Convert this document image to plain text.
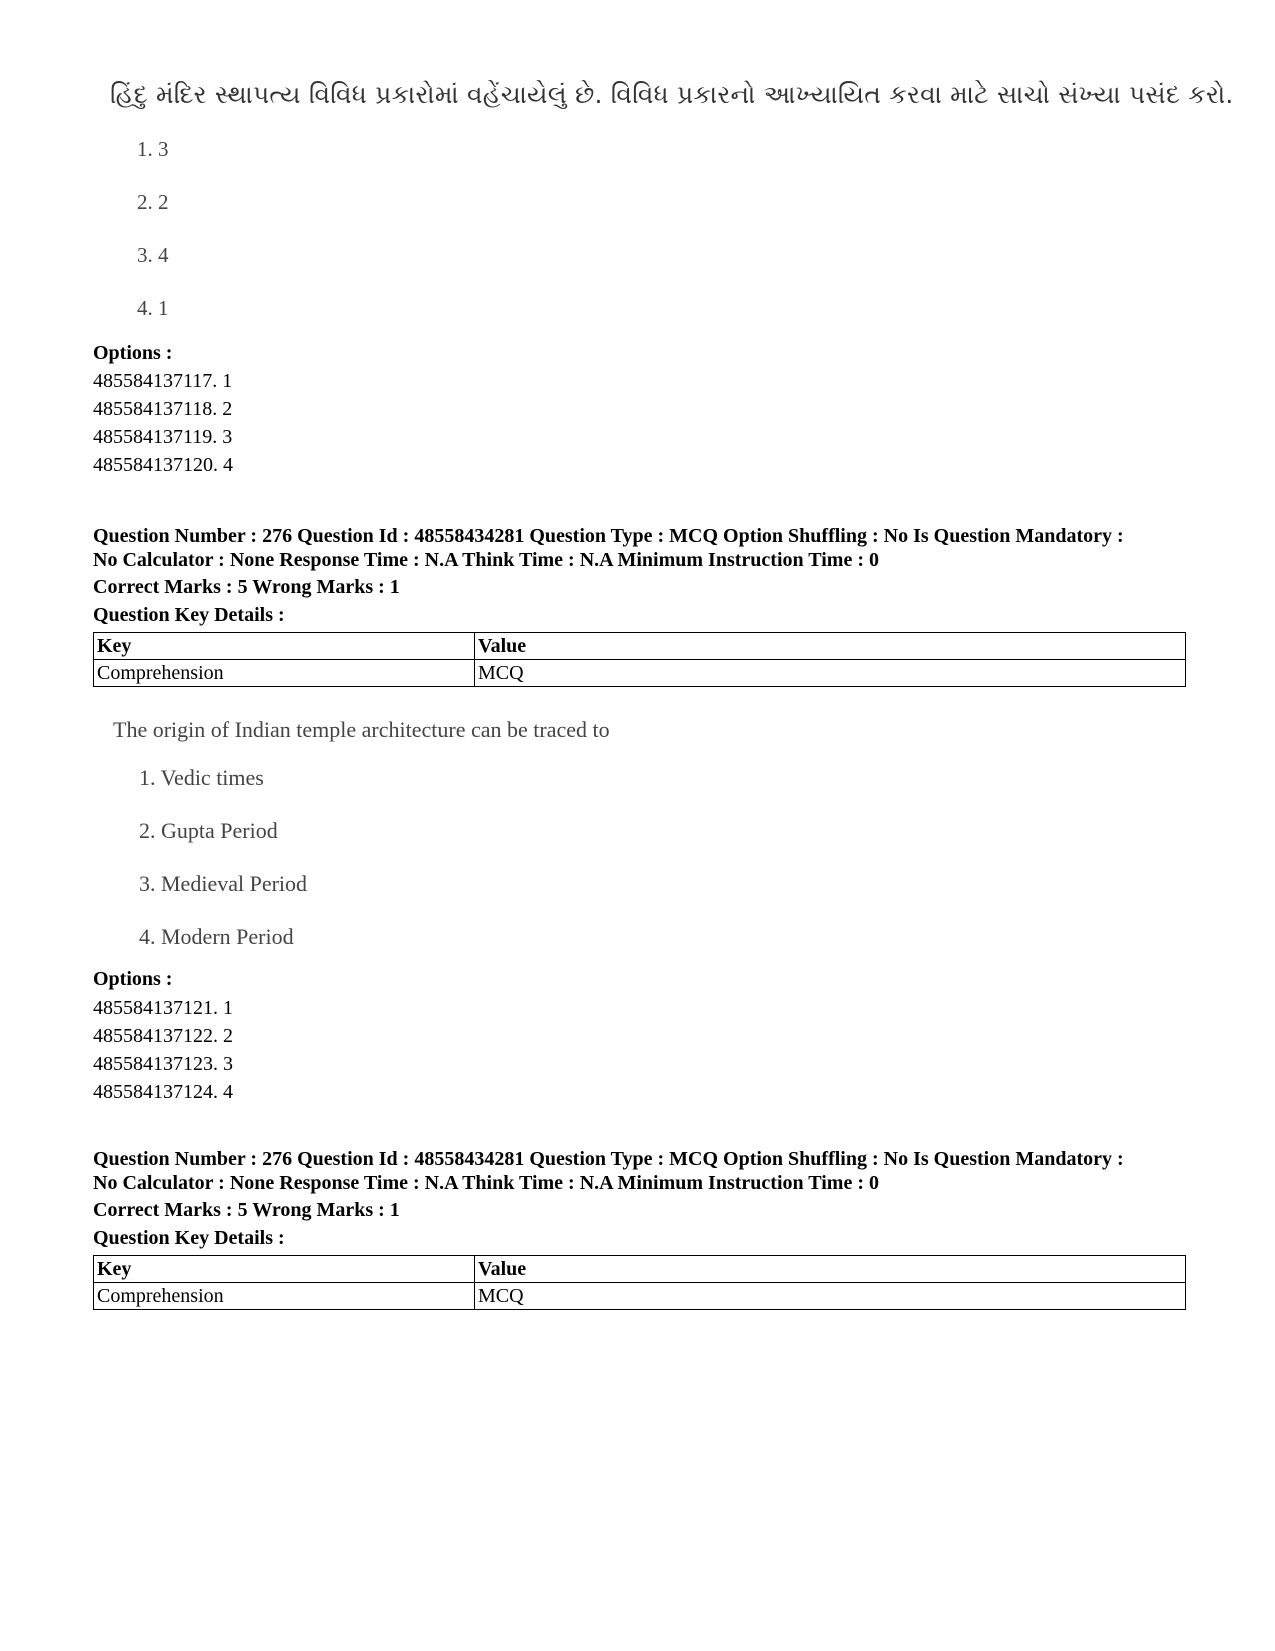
હિંદુ મંદિર સ્થાપત્ય વિવિધ પ્રકારોમાં વહેંચાયેલું છે. વિવિધ પ્રકારનો આખ્યાયિત કરવા માટે સાચો સંખ્યા પસંદ કરો.
1. 3
2. 2
3. 4
4. 1
Options :
485584137117. 1
485584137118. 2
485584137119. 3
485584137120. 4
Question Number : 276 Question Id : 48558434281 Question Type : MCQ Option Shuffling : No Is Question Mandatory :
No Calculator : None Response Time : N.A Think Time : N.A Minimum Instruction Time : 0
Correct Marks : 5 Wrong Marks : 1
Question Key Details :
Key	Value
Comprehension	MCQ
The origin of Indian temple architecture can be traced to
1. Vedic times
2. Gupta Period
3. Medieval Period
4. Modern Period
Options :
485584137121. 1
485584137122. 2
485584137123. 3
485584137124. 4
Question Number : 276 Question Id : 48558434281 Question Type : MCQ Option Shuffling : No Is Question Mandatory :
No Calculator : None Response Time : N.A Think Time : N.A Minimum Instruction Time : 0
Correct Marks : 5 Wrong Marks : 1
Question Key Details :
Key	Value
Comprehension	MCQ
